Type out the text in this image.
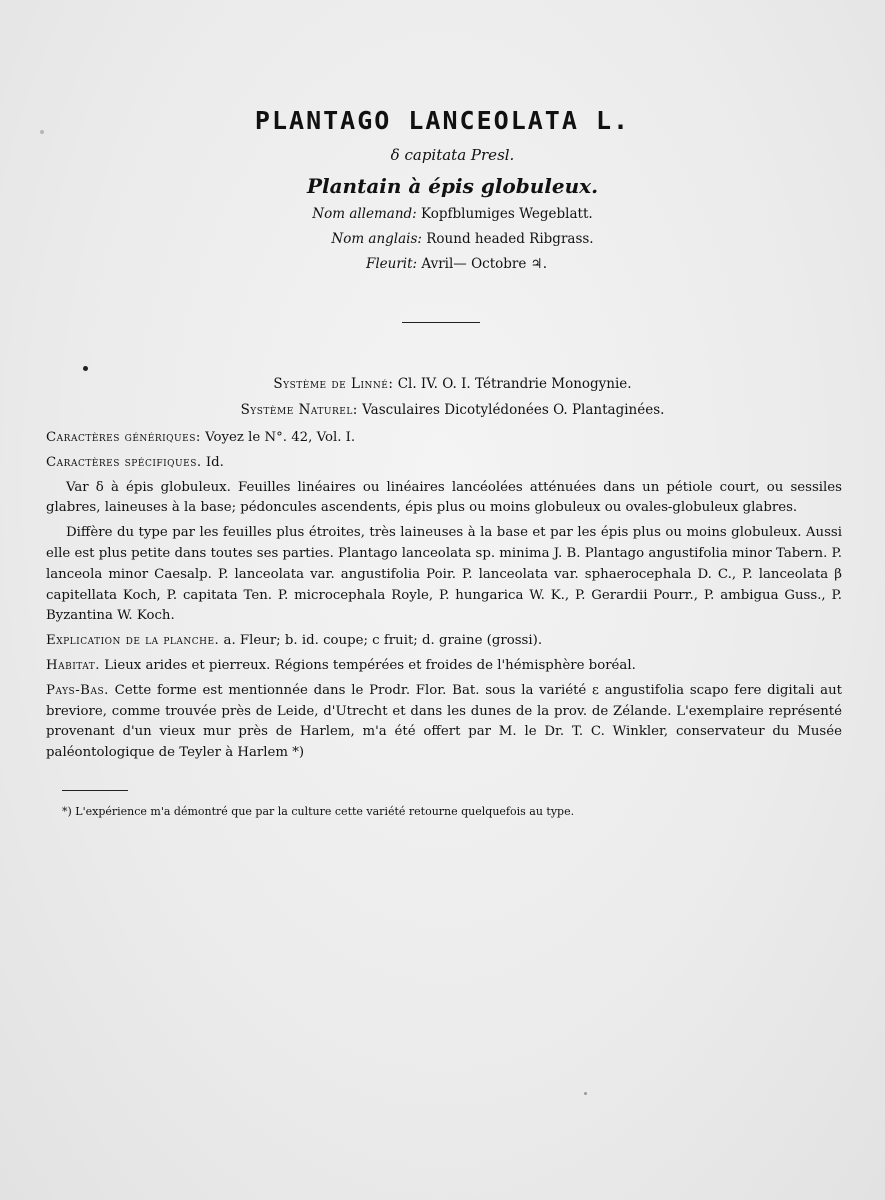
PLANTAGO LANCEOLATA L.
δ capitata Presl.
Plantain à épis globuleux.
Nom allemand: Kopfblumiges Wegeblatt.
Nom anglais: Round headed Ribgrass.
Fleurit: Avril— Octobre ♃.
Système de Linné: Cl. IV. O. I. Tétrandrie Monogynie.
Système Naturel: Vasculaires Dicotylédonées O. Plantaginées.

Caractères génériques: Voyez le N°. 42, Vol. I.

Caractères spécifiques. Id.

Var δ à épis globuleux. Feuilles linéaires ou linéaires lancéolées atténuées dans un pétiole court, ou sessiles glabres, laineuses à la base; pédoncules ascendents, épis plus ou moins globuleux ou ovales-globuleux glabres.

Diffère du type par les feuilles plus étroites, très laineuses à la base et par les épis plus ou moins globuleux. Aussi elle est plus petite dans toutes ses parties. Plantago lanceolata sp. minima J. B. Plantago angustifolia minor Tabern. P. lanceola minor Caesalp. P. lanceolata var. angustifolia Poir. P. lanceolata var. sphaerocephala D. C., P. lanceolata β capitellata Koch, P. capitata Ten. P. microcephala Royle, P. hungarica W. K., P. Gerardii Pourr., P. ambigua Guss., P. Byzantina W. Koch.

Explication de la planche. a. Fleur; b. id. coupe; c fruit; d. graine (grossi).

Habitat. Lieux arides et pierreux. Régions tempérées et froides de l'hémisphère boréal.

Pays-Bas. Cette forme est mentionnée dans le Prodr. Flor. Bat. sous la variété ε angustifolia scapo fere digitali aut breviore, comme trouvée près de Leide, d'Utrecht et dans les dunes de la prov. de Zélande. L'exemplaire représenté provenant d'un vieux mur près de Harlem, m'a été offert par M. le Dr. T. C. Winkler, conservateur du Musée paléontologique de Teyler à Harlem *)

*) L'expérience m'a démontré que par la culture cette variété retourne quelquefois au type.
